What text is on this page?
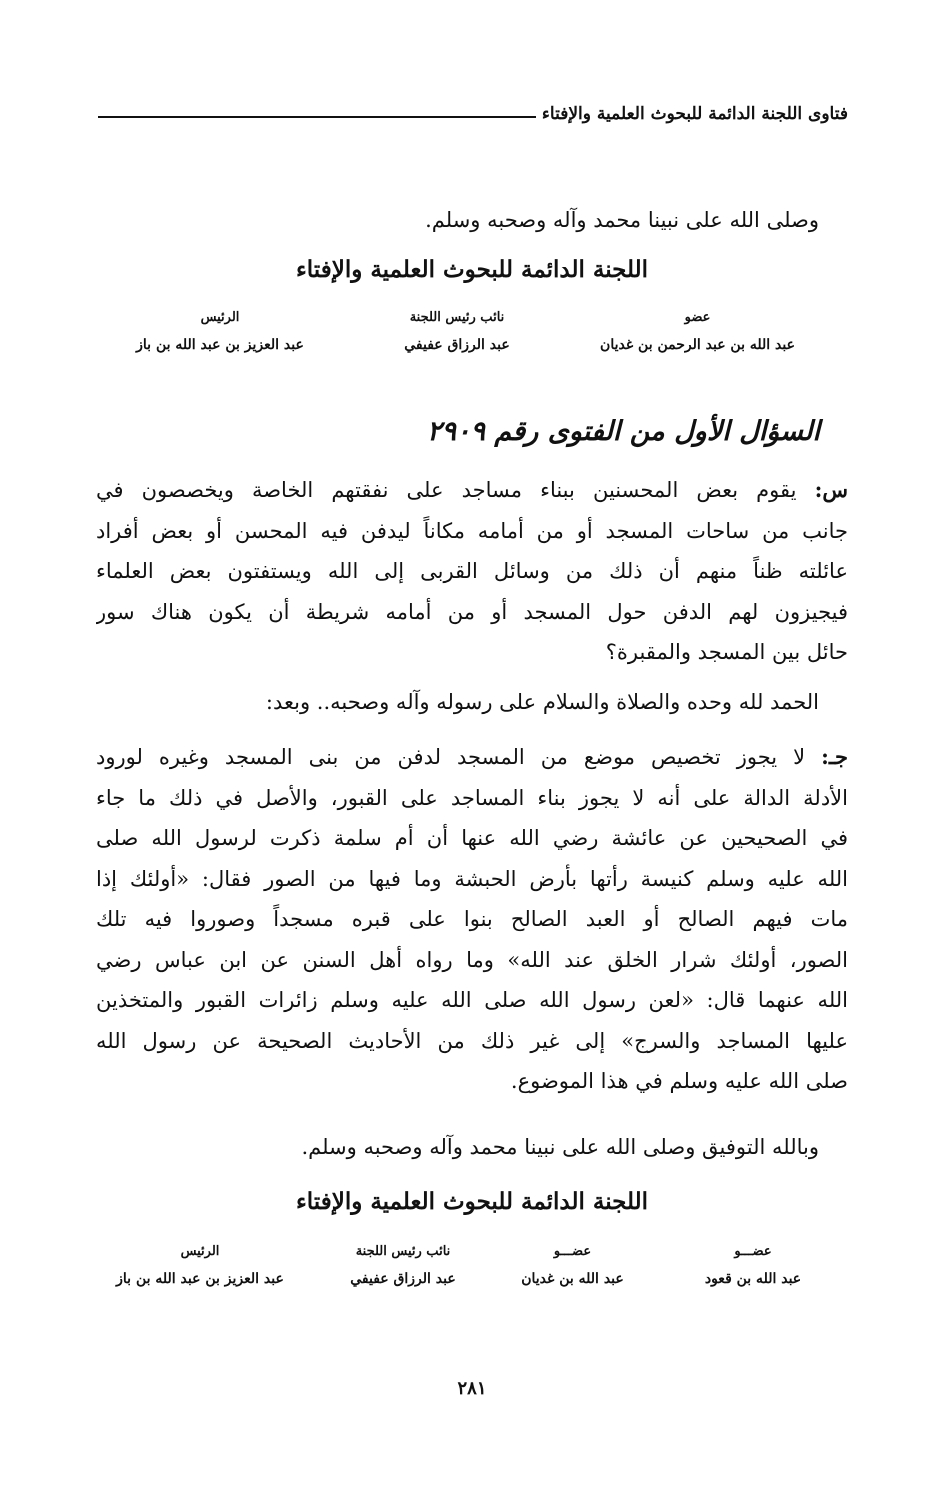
فتاوى اللجنة الدائمة للبحوث العلمية والإفتاء
وصلى الله على نبينا محمد وآله وصحبه وسلم.
اللجنة الدائمة للبحوث العلمية والإفتاء
الرئيس
عبد العزيز بن عبد الله بن باز
نائب رئيس اللجنة
عبد الرزاق عفيفي
عضو
عبد الله بن عبد الرحمن بن غديان
السؤال الأول من الفتوى رقم ٢٩٠٩
س: يقوم بعض المحسنين ببناء مساجد على نفقتهم الخاصة ويخصصون في
جانب من ساحات المسجد أو من أمامه مكاناً ليدفن فيه المحسن أو بعض أفراد
عائلته ظناً منهم أن ذلك من وسائل القربى إلى الله ويستفتون بعض العلماء
فيجيزون لهم الدفن حول المسجد أو من أمامه شريطة أن يكون هناك سور
حائل بين المسجد والمقبرة؟
الحمد لله وحده والصلاة والسلام على رسوله وآله وصحبه.. وبعد:
جـ: لا يجوز تخصيص موضع من المسجد لدفن من بنى المسجد وغيره لورود
الأدلة الدالة على أنه لا يجوز بناء المساجد على القبور، والأصل في ذلك ما جاء
في الصحيحين عن عائشة رضي الله عنها أن أم سلمة ذكرت لرسول الله صلى
الله عليه وسلم كنيسة رأتها بأرض الحبشة وما فيها من الصور فقال: «أولئك إذا
مات فيهم الصالح أو العبد الصالح بنوا على قبره مسجداً وصوروا فيه تلك
الصور، أولئك شرار الخلق عند الله» وما رواه أهل السنن عن ابن عباس رضي
الله عنهما قال: «لعن رسول الله صلى الله عليه وسلم زائرات القبور والمتخذين
عليها المساجد والسرج» إلى غير ذلك من الأحاديث الصحيحة عن رسول الله
صلى الله عليه وسلم في هذا الموضوع.
وبالله التوفيق وصلى الله على نبينا محمد وآله وصحبه وسلم.
اللجنة الدائمة للبحوث العلمية والإفتاء
الرئيس
عبد العزيز بن عبد الله بن باز
نائب رئيس اللجنة
عبد الرزاق عفيفي
عضـــو
عبد الله بن غديان
عضـــو
عبد الله بن قعود
٢٨١
